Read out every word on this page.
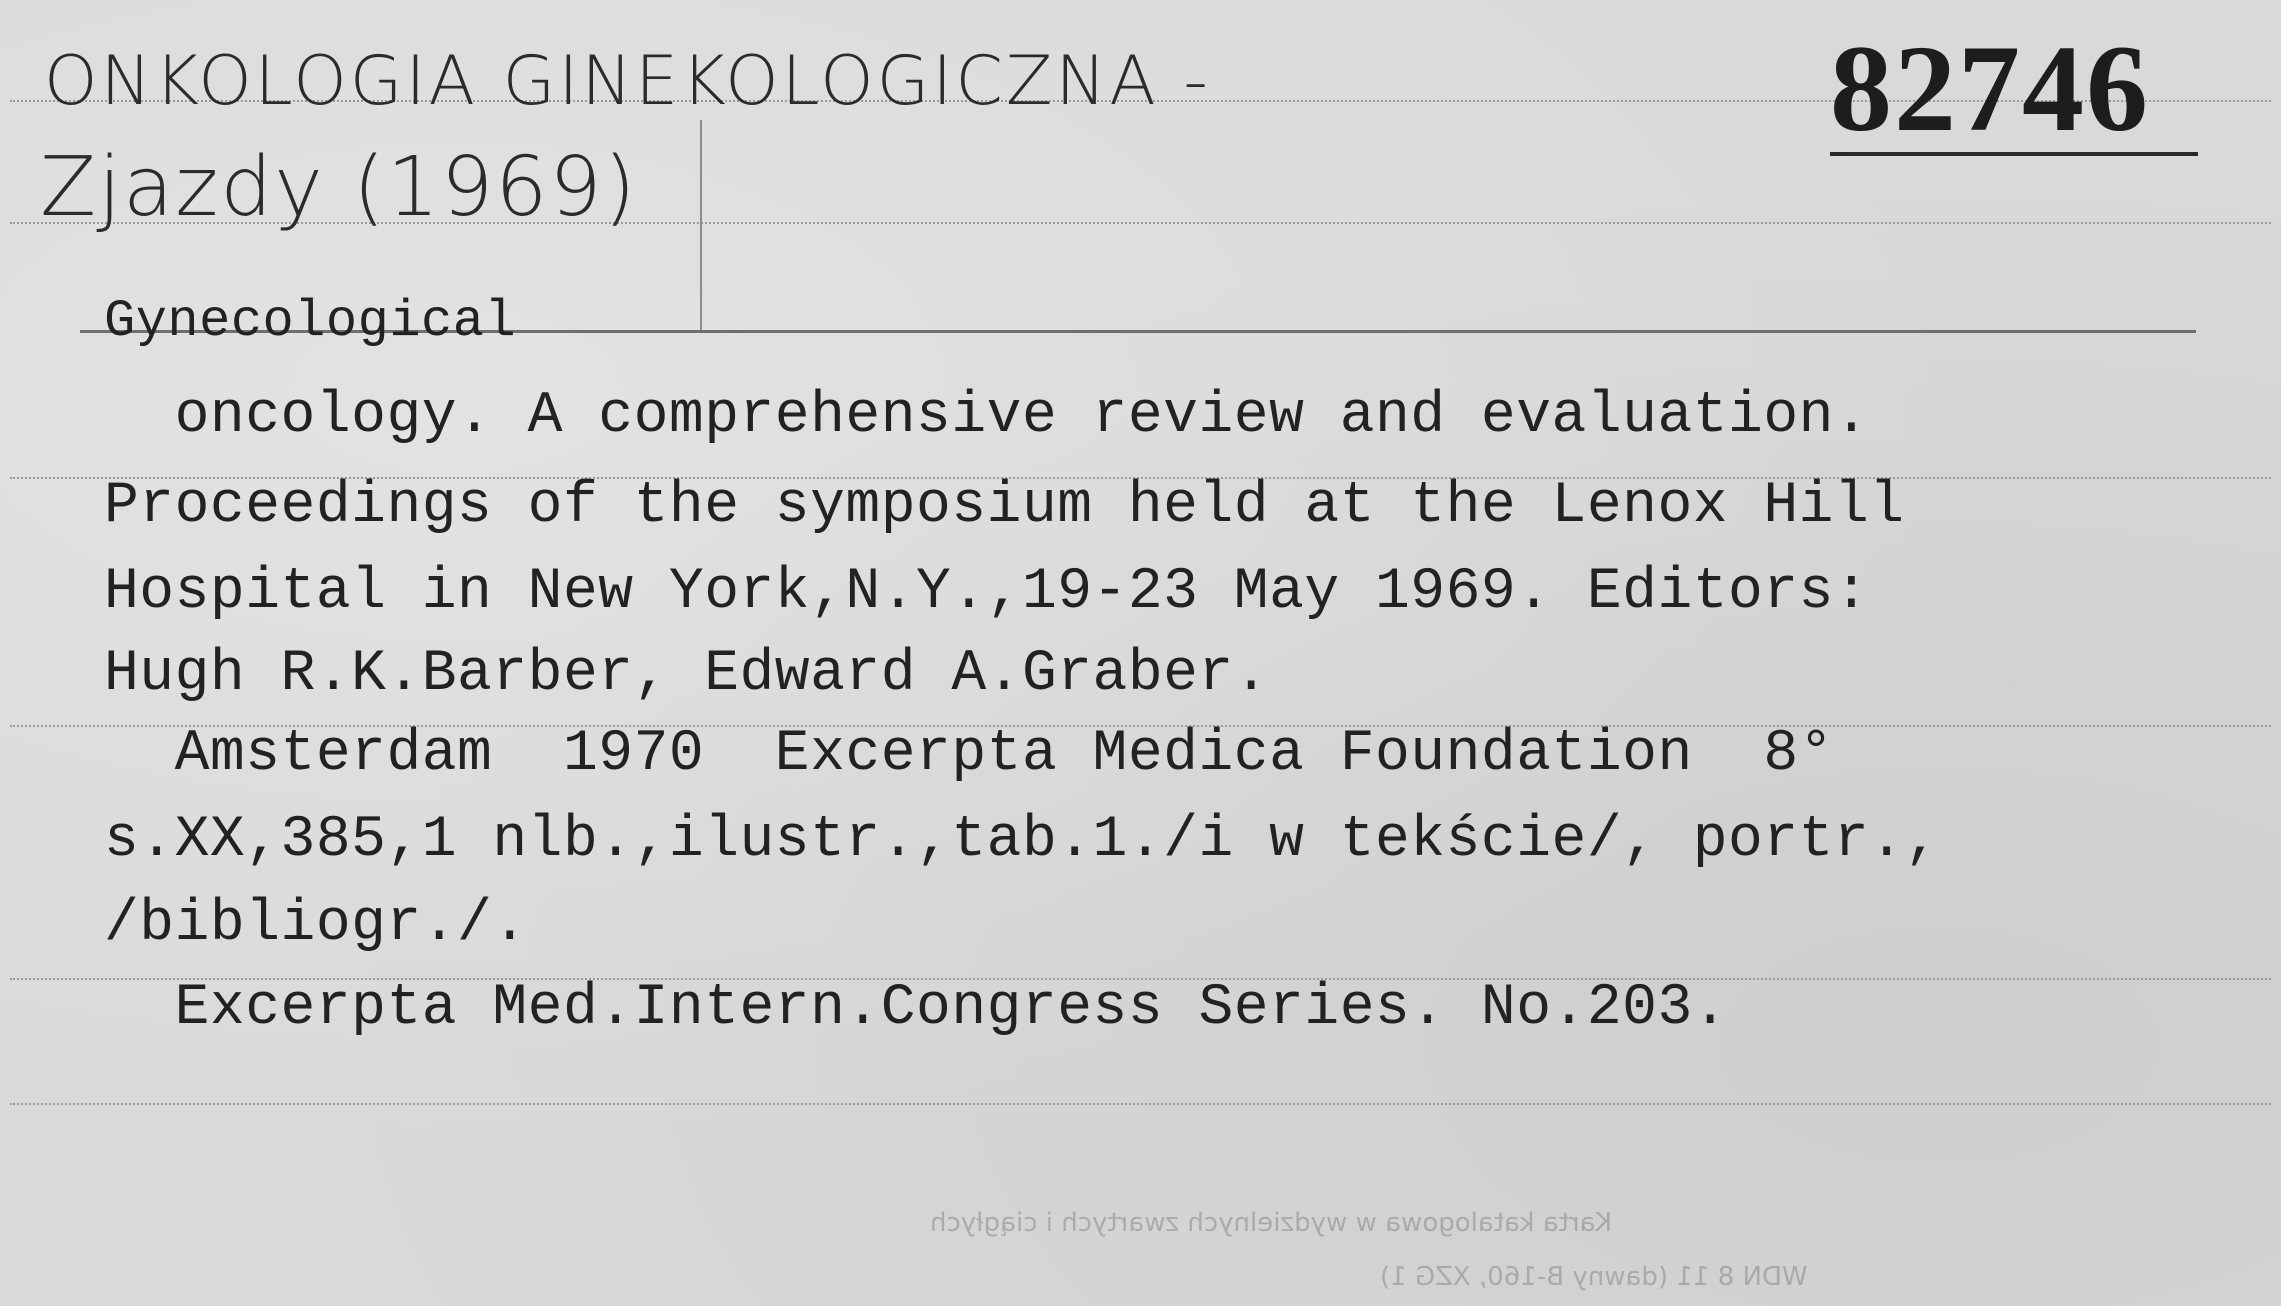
ONKOLOGIA GINEKOLOGICZNA -
Zjazdy (1969)
82746
Gynecological
oncology. A comprehensive review and evaluation.
Proceedings of the symposium held at the Lenox Hill
Hospital in New York,N.Y.,19-23 May 1969. Editors:
Hugh R.K.Barber, Edward A.Graber.
Amsterdam  1970  Excerpta Medica Foundation  8°
s.XX,385,1 nlb.,ilustr.,tab.1./i w tekście/, portr.,
/bibliogr./.
Excerpta Med.Intern.Congress Series. No.203.
Karta katalogowa w wydzielnych zwartych i ciągłych
WDN 8 11 (dawny B-160, XZG 1)
